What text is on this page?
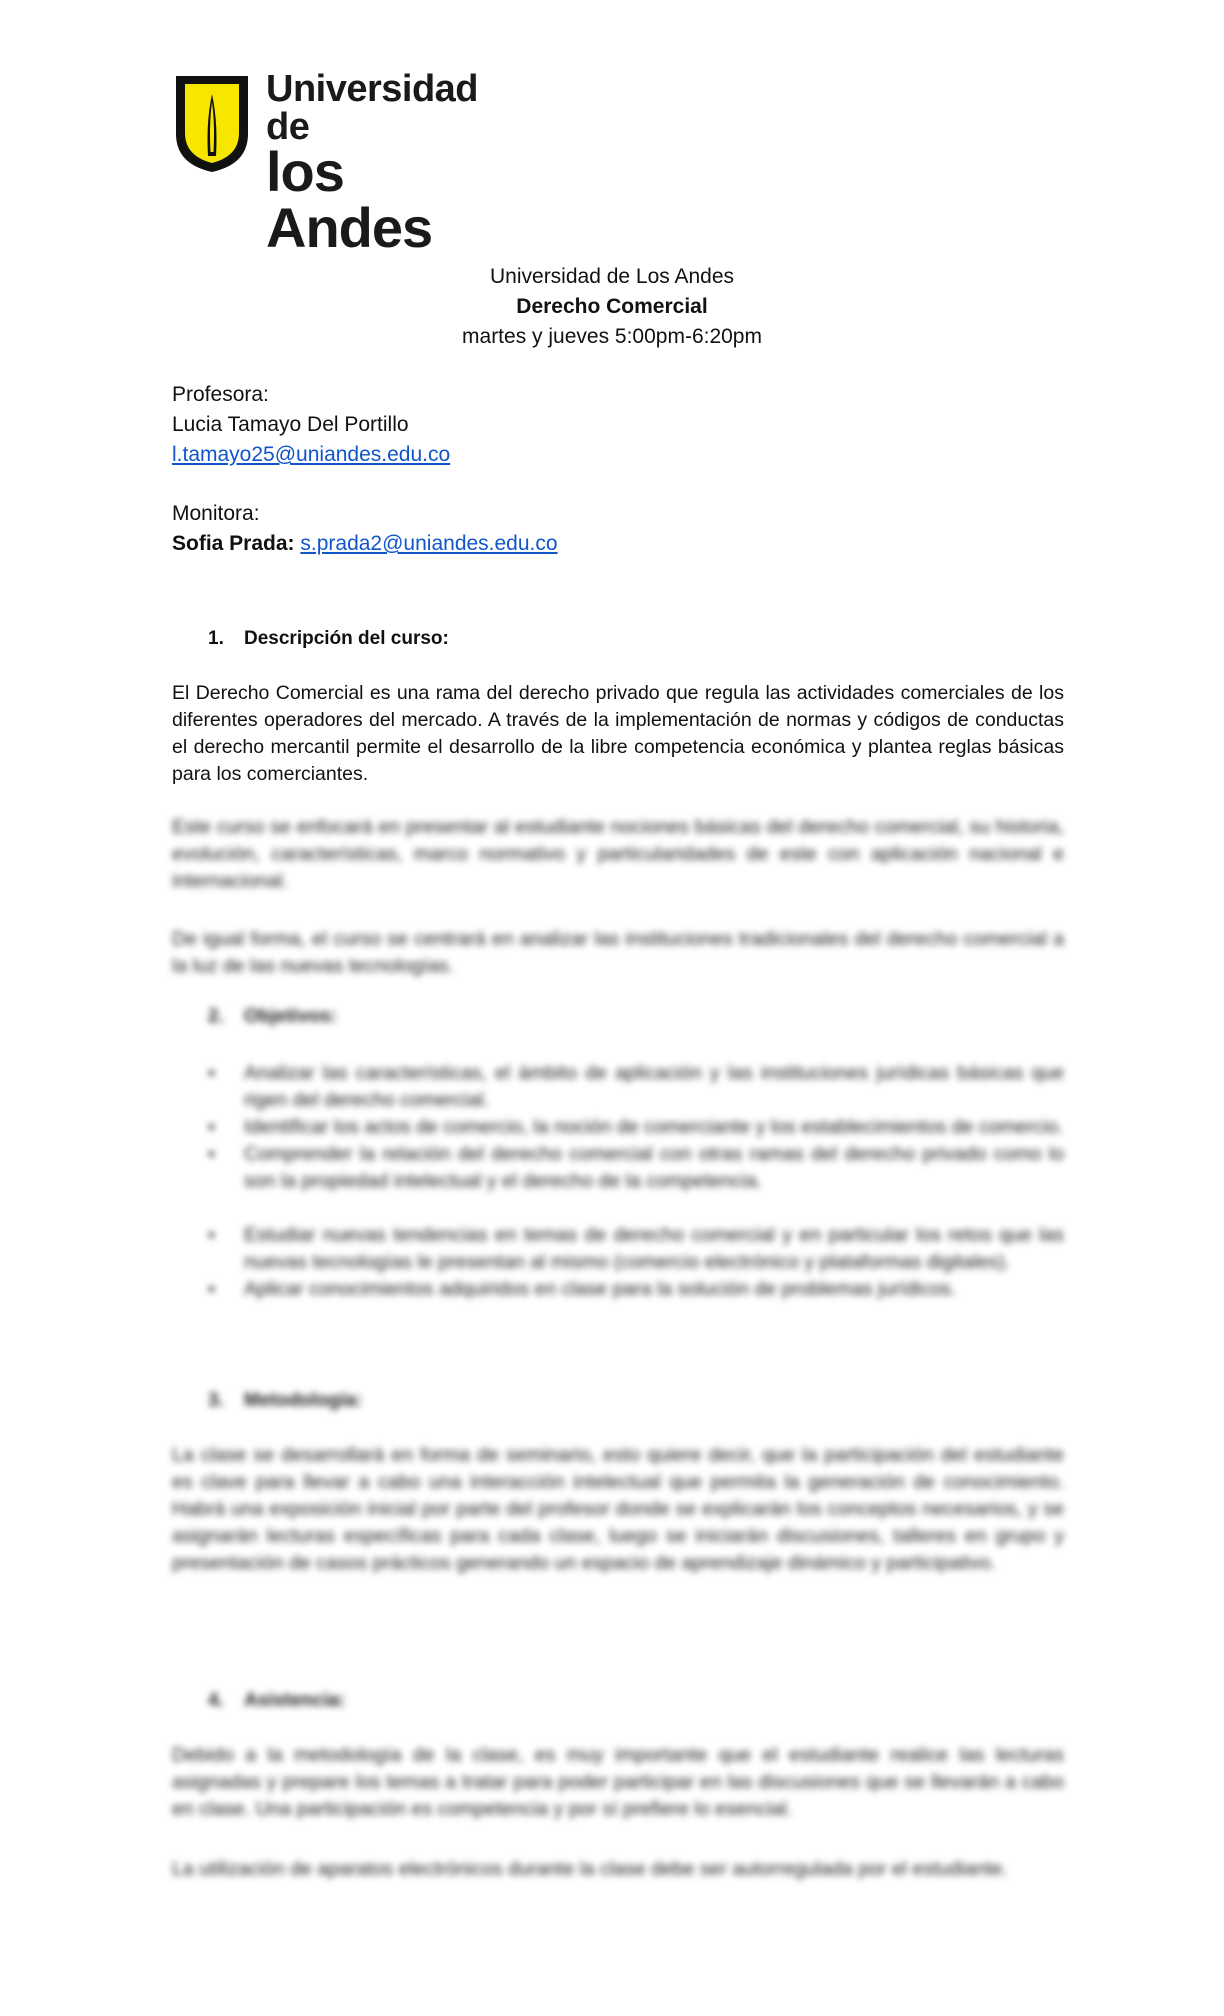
Universidad de
los Andes
Universidad de Los Andes
Derecho Comercial
martes y jueves 5:00pm-6:20pm
Profesora:
Lucia Tamayo Del Portillo
l.tamayo25@uniandes.edu.co
Monitora:
Sofia Prada: s.prada2@uniandes.edu.co
1. Descripción del curso:
El Derecho Comercial es una rama del derecho privado que regula las actividades comerciales de los diferentes operadores del mercado. A través de la implementación de normas y códigos de conductas el derecho mercantil permite el desarrollo de la libre competencia económica y plantea reglas básicas para los comerciantes.
Este curso se enfocará en presentar al estudiante nociones básicas del derecho comercial, su historia, evolución, características, marco normativo y particularidades de este con aplicación nacional e internacional.
De igual forma, el curso se centrará en analizar las instituciones tradicionales del derecho comercial a la luz de las nuevas tecnologías.
2. Objetivos:
▪ Analizar las características, el ámbito de aplicación y las instituciones jurídicas básicas que rigen del derecho comercial.
▪ Identificar los actos de comercio, la noción de comerciante y los establecimientos de comercio.
▪ Comprender la relación del derecho comercial con otras ramas del derecho privado como lo son la propiedad intelectual y el derecho de la competencia.
▪ Estudiar nuevas tendencias en temas de derecho comercial y en particular los retos que las nuevas tecnologías le presentan al mismo (comercio electrónico y plataformas digitales).
▪ Aplicar conocimientos adquiridos en clase para la solución de problemas jurídicos.
3. Metodología:
La clase se desarrollará en forma de seminario, esto quiere decir, que la participación del estudiante es clave para llevar a cabo una interacción intelectual que permita la generación de conocimiento. Habrá una exposición inicial por parte del profesor donde se explicarán los conceptos necesarios, y se asignarán lecturas específicas para cada clase, luego se iniciarán discusiones, talleres en grupo y presentación de casos prácticos generando un espacio de aprendizaje dinámico y participativo.
4. Asistencia:
Debido a la metodología de la clase, es muy importante que el estudiante realice las lecturas asignadas y prepare los temas a tratar para poder participar en las discusiones que se llevarán a cabo en clase. Una participación es competencia y por sí prefiere lo esencial.
La utilización de aparatos electrónicos durante la clase debe ser autorregulada por el estudiante.
